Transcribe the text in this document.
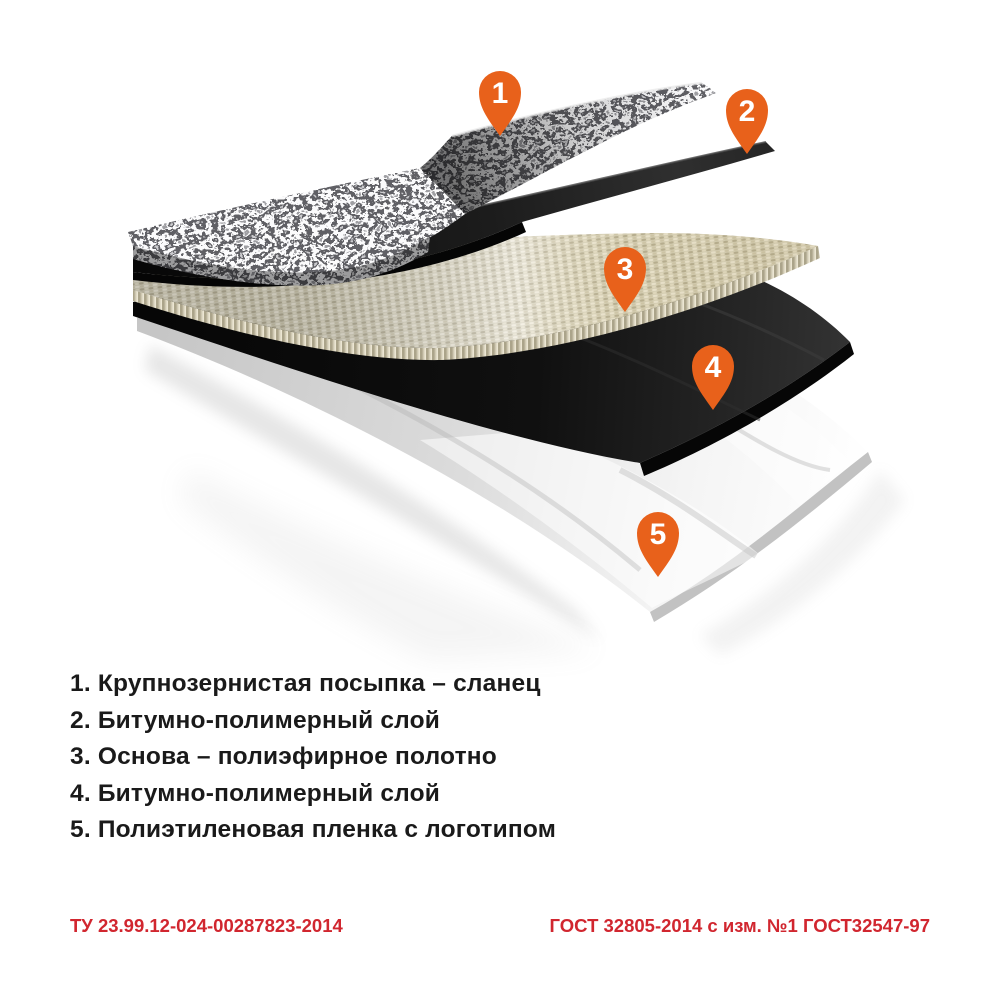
1
2
3
4
5
1. Крупнозернистая посыпка – сланец
2. Битумно-полимерный слой
3. Основа – полиэфирное полотно
4. Битумно-полимерный слой
5. Полиэтиленовая пленка с логотипом
ТУ 23.99.12-024-00287823-2014	ГОСТ 32805-2014 с изм. №1 ГОСТ32547-97
